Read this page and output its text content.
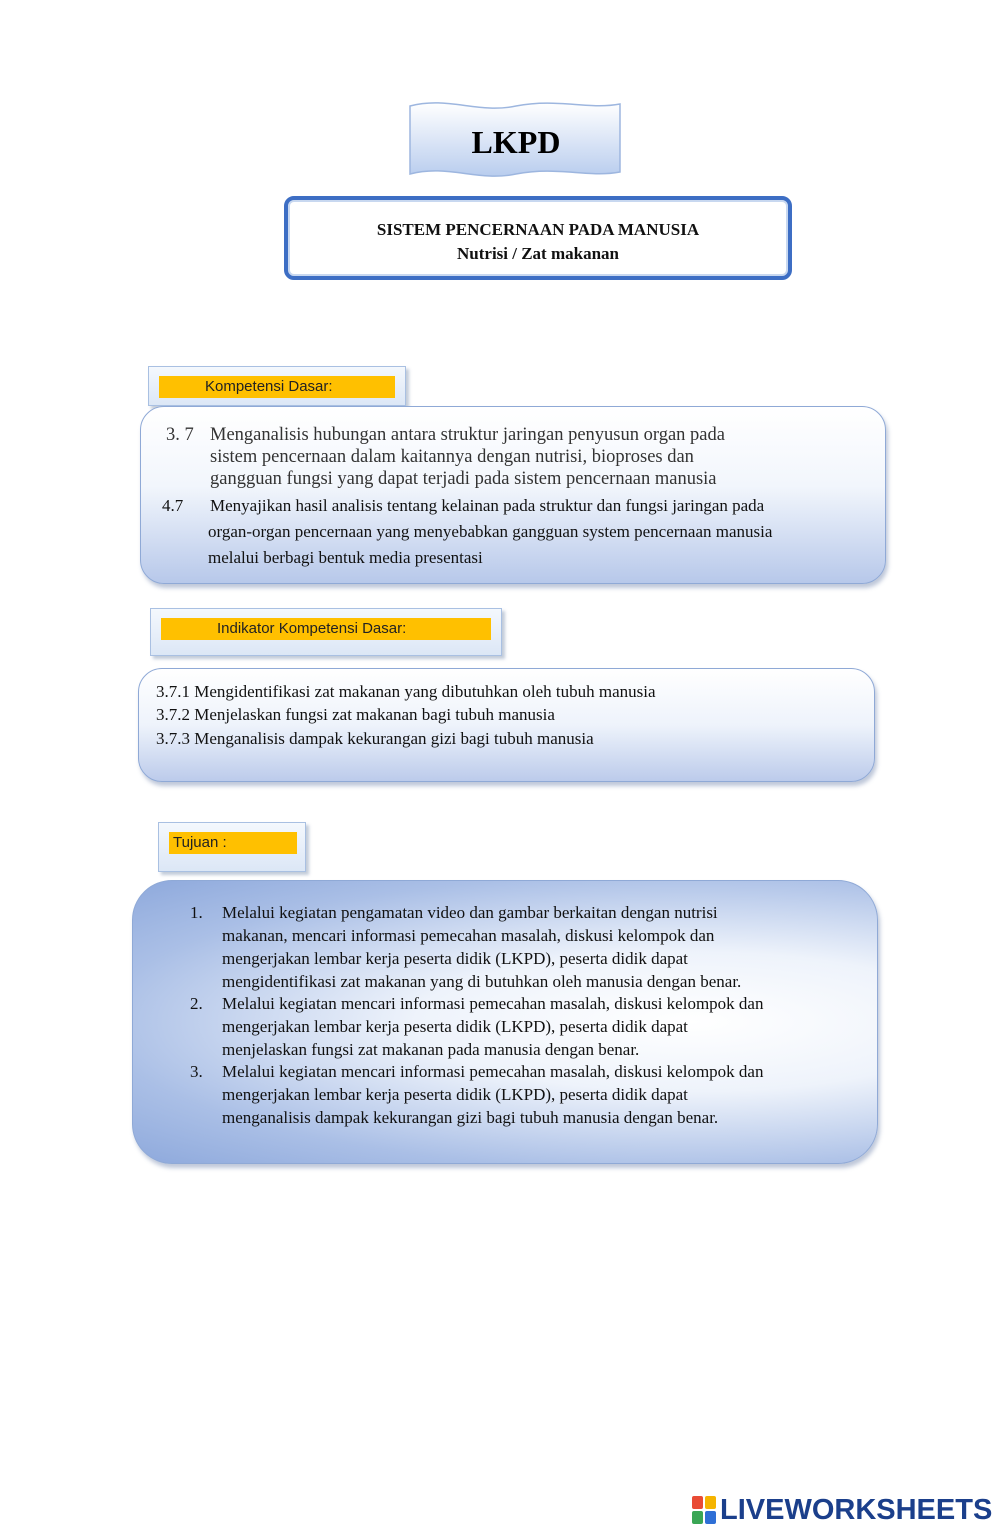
LKPD
SISTEM PENCERNAAN PADA MANUSIA
Nutrisi / Zat makanan
Kompetensi Dasar:
3. 7 Menganalisis hubungan antara struktur jaringan penyusun organ pada
sistem pencernaan dalam kaitannya dengan nutrisi, bioproses dan
gangguan fungsi yang dapat terjadi pada sistem pencernaan manusia
4.7 Menyajikan hasil analisis tentang kelainan pada struktur dan fungsi jaringan pada
organ-organ pencernaan yang menyebabkan gangguan system pencernaan manusia
melalui berbagi bentuk media presentasi
Indikator Kompetensi Dasar:
3.7.1 Mengidentifikasi zat makanan yang dibutuhkan oleh tubuh manusia
3.7.2 Menjelaskan fungsi zat makanan bagi tubuh manusia
3.7.3 Menganalisis dampak kekurangan gizi bagi tubuh manusia
Tujuan :
1. Melalui kegiatan pengamatan video dan gambar berkaitan dengan nutrisi
makanan, mencari informasi pemecahan masalah, diskusi kelompok dan
mengerjakan lembar kerja peserta didik (LKPD), peserta didik dapat
mengidentifikasi zat makanan yang di butuhkan oleh manusia dengan benar.
2. Melalui kegiatan mencari informasi pemecahan masalah, diskusi kelompok dan
mengerjakan lembar kerja peserta didik (LKPD), peserta didik dapat
menjelaskan fungsi zat makanan pada manusia dengan benar.
3. Melalui kegiatan mencari informasi pemecahan masalah, diskusi kelompok dan
mengerjakan lembar kerja peserta didik (LKPD), peserta didik dapat
menganalisis dampak kekurangan gizi bagi tubuh manusia dengan benar.
LIVEWORKSHEETS
